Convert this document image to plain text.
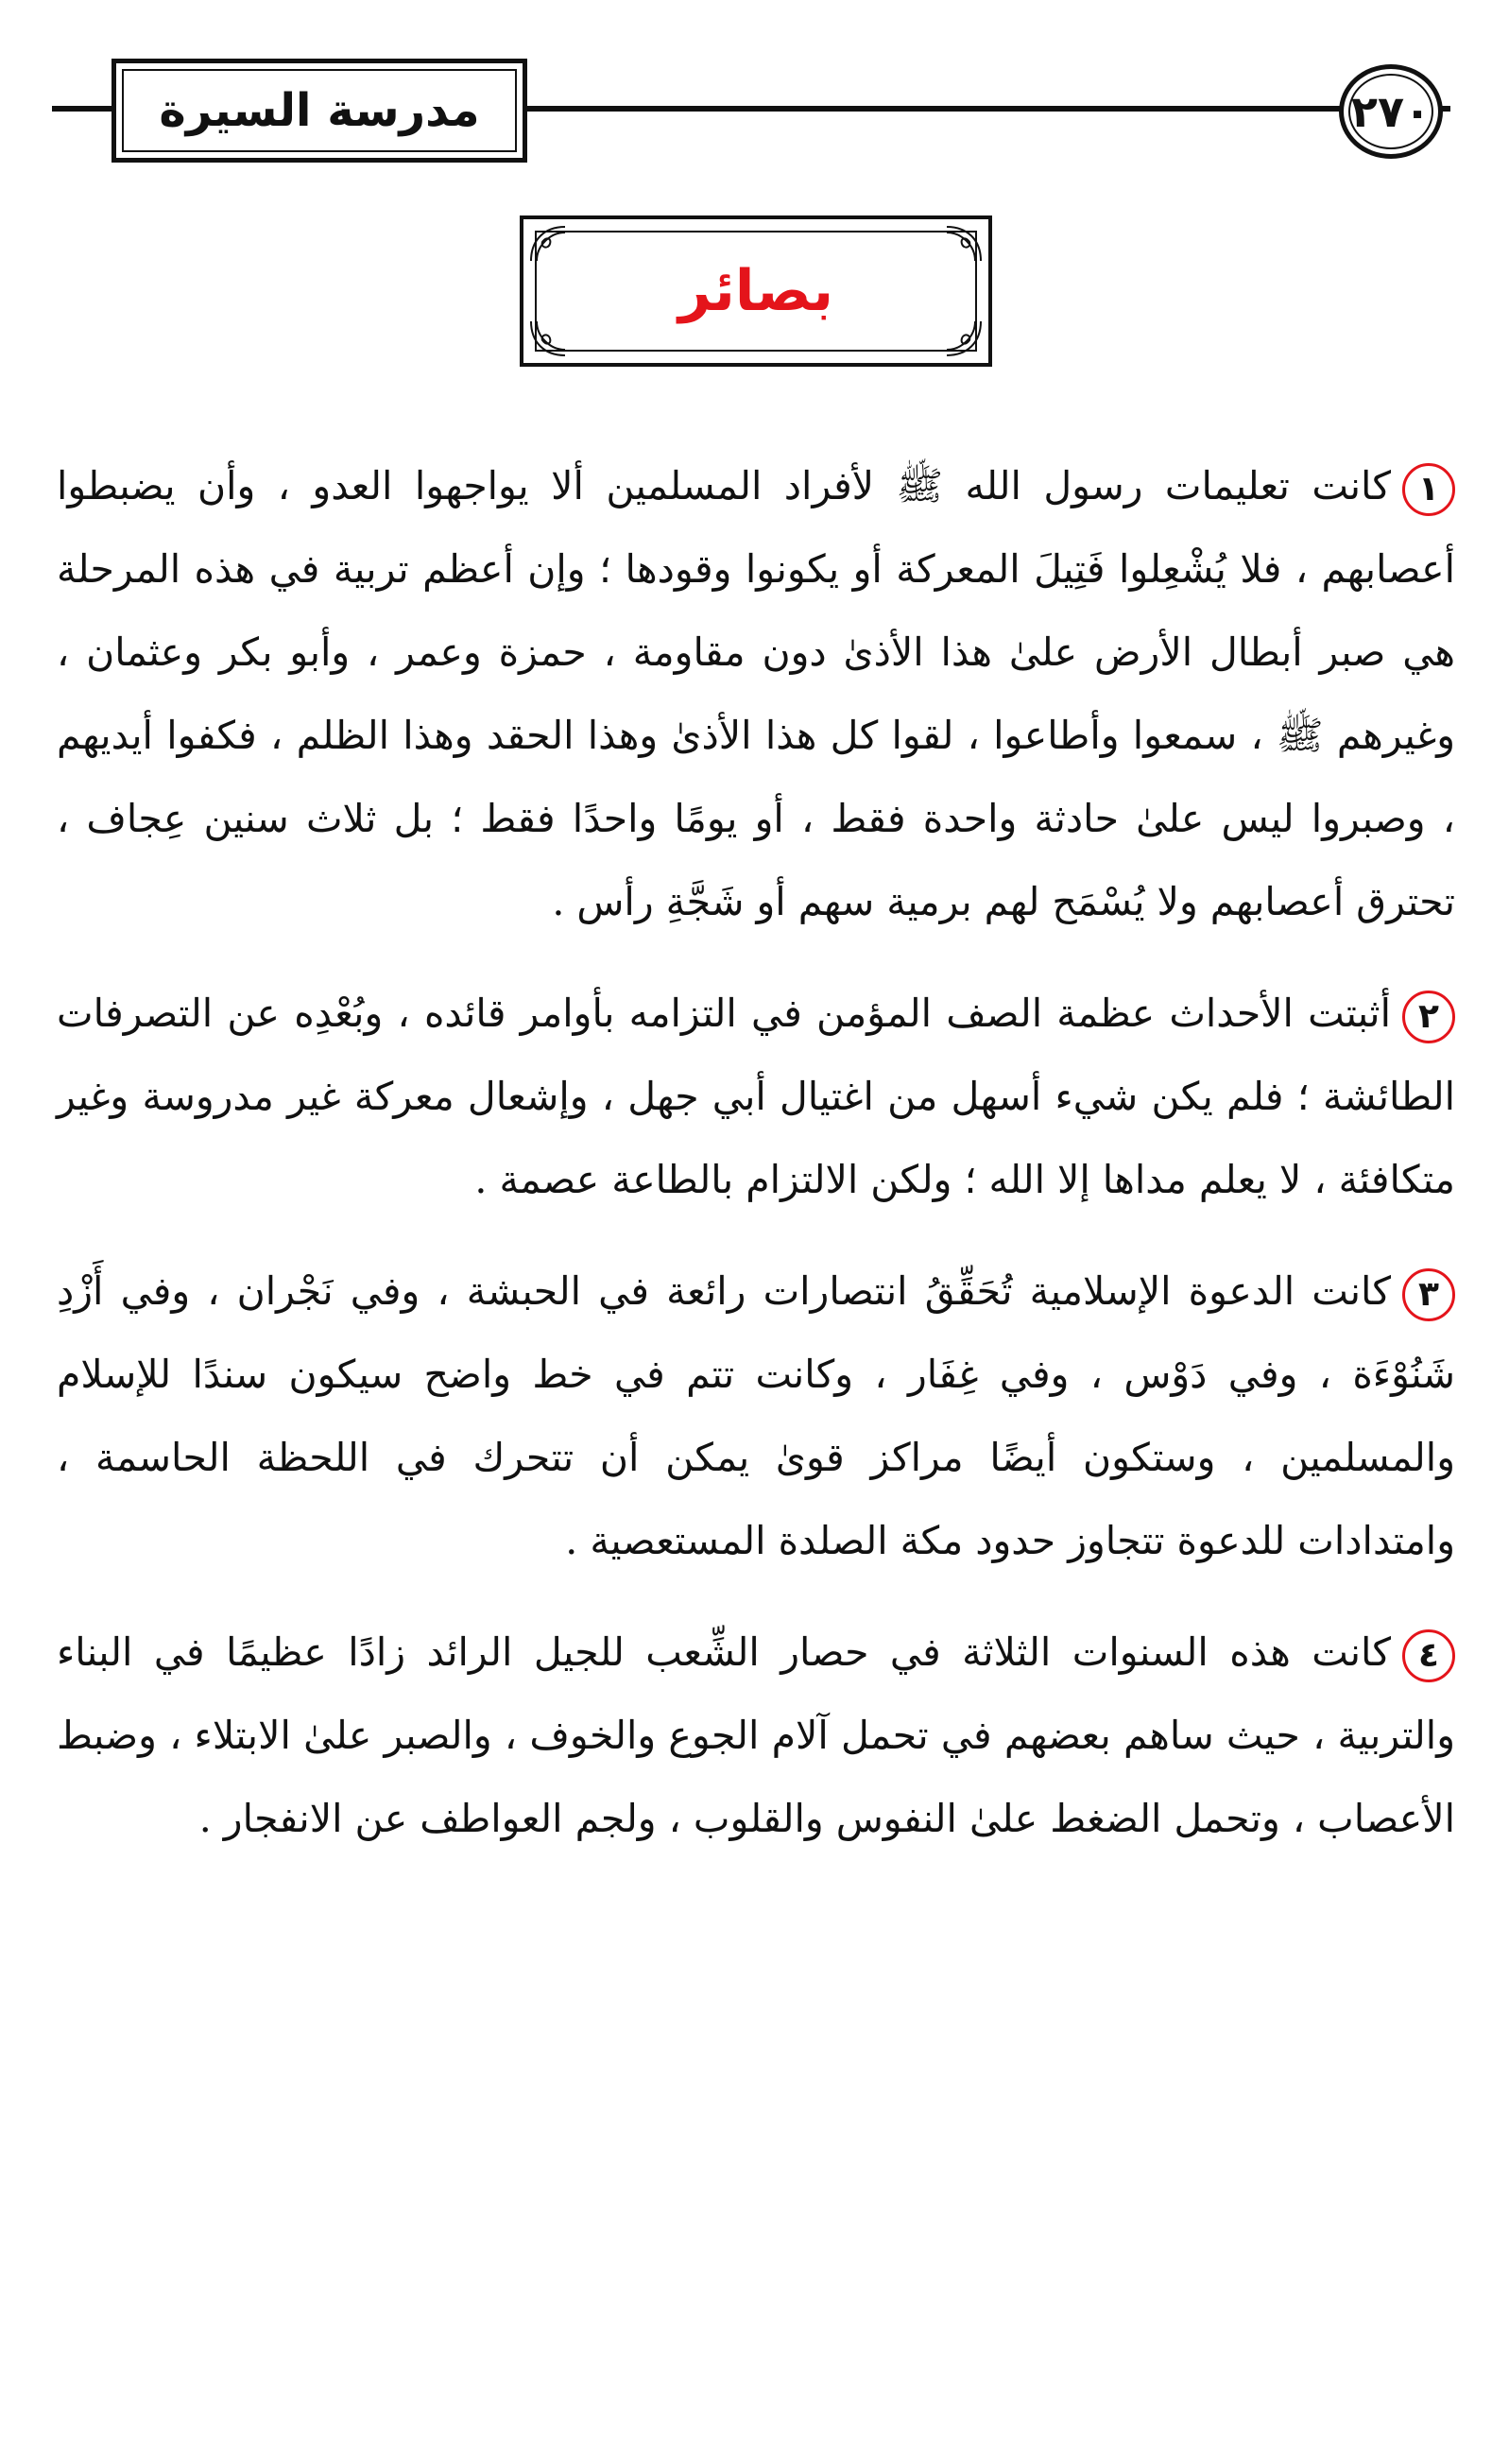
٢٧٠
مدرسة السيرة
بصائر

١كانت تعليمات رسول الله ﷺ لأفراد المسلمين ألا يواجهوا العدو ، وأن يضبطوا أعصابهم ، فلا يُشْعِلوا فَتِيلَ المعركة أو يكونوا وقودها ؛ وإن أعظم تربية في هذه المرحلة هي صبر أبطال الأرض علىٰ هذا الأذىٰ دون مقاومة ، حمزة وعمر ، وأبو بكر وعثمان ، وغيرهم ﷺ ، سمعوا وأطاعوا ، لقوا كل هذا الأذىٰ وهذا الحقد وهذا الظلم ، فكفوا أيديهم ، وصبروا ليس علىٰ حادثة واحدة فقط ، أو يومًا واحدًا فقط ؛ بل ثلاث سنين عِجاف ، تحترق أعصابهم ولا يُسْمَح لهم برمية سهم أو شَجَّةِ رأس .

٢أثبتت الأحداث عظمة الصف المؤمن في التزامه بأوامر قائده ، وبُعْدِه عن التصرفات الطائشة ؛ فلم يكن شيء أسهل من اغتيال أبي جهل ، وإشعال معركة غير مدروسة وغير متكافئة ، لا يعلم مداها إلا الله ؛ ولكن الالتزام بالطاعة عصمة .

٣كانت الدعوة الإسلامية تُحَقِّقُ انتصارات رائعة في الحبشة ، وفي نَجْران ، وفي أَزْدِ شَنُوْءَة ، وفي دَوْس ، وفي غِفَار ، وكانت تتم في خط واضح سيكون سندًا للإسلام والمسلمين ، وستكون أيضًا مراكز قوىٰ يمكن أن تتحرك في اللحظة الحاسمة ، وامتدادات للدعوة تتجاوز حدود مكة الصلدة المستعصية .

٤كانت هذه السنوات الثلاثة في حصار الشِّعب للجيل الرائد زادًا عظيمًا في البناء والتربية ، حيث ساهم بعضهم في تحمل آلام الجوع والخوف ، والصبر علىٰ الابتلاء ، وضبط الأعصاب ، وتحمل الضغط علىٰ النفوس والقلوب ، ولجم العواطف عن الانفجار .
